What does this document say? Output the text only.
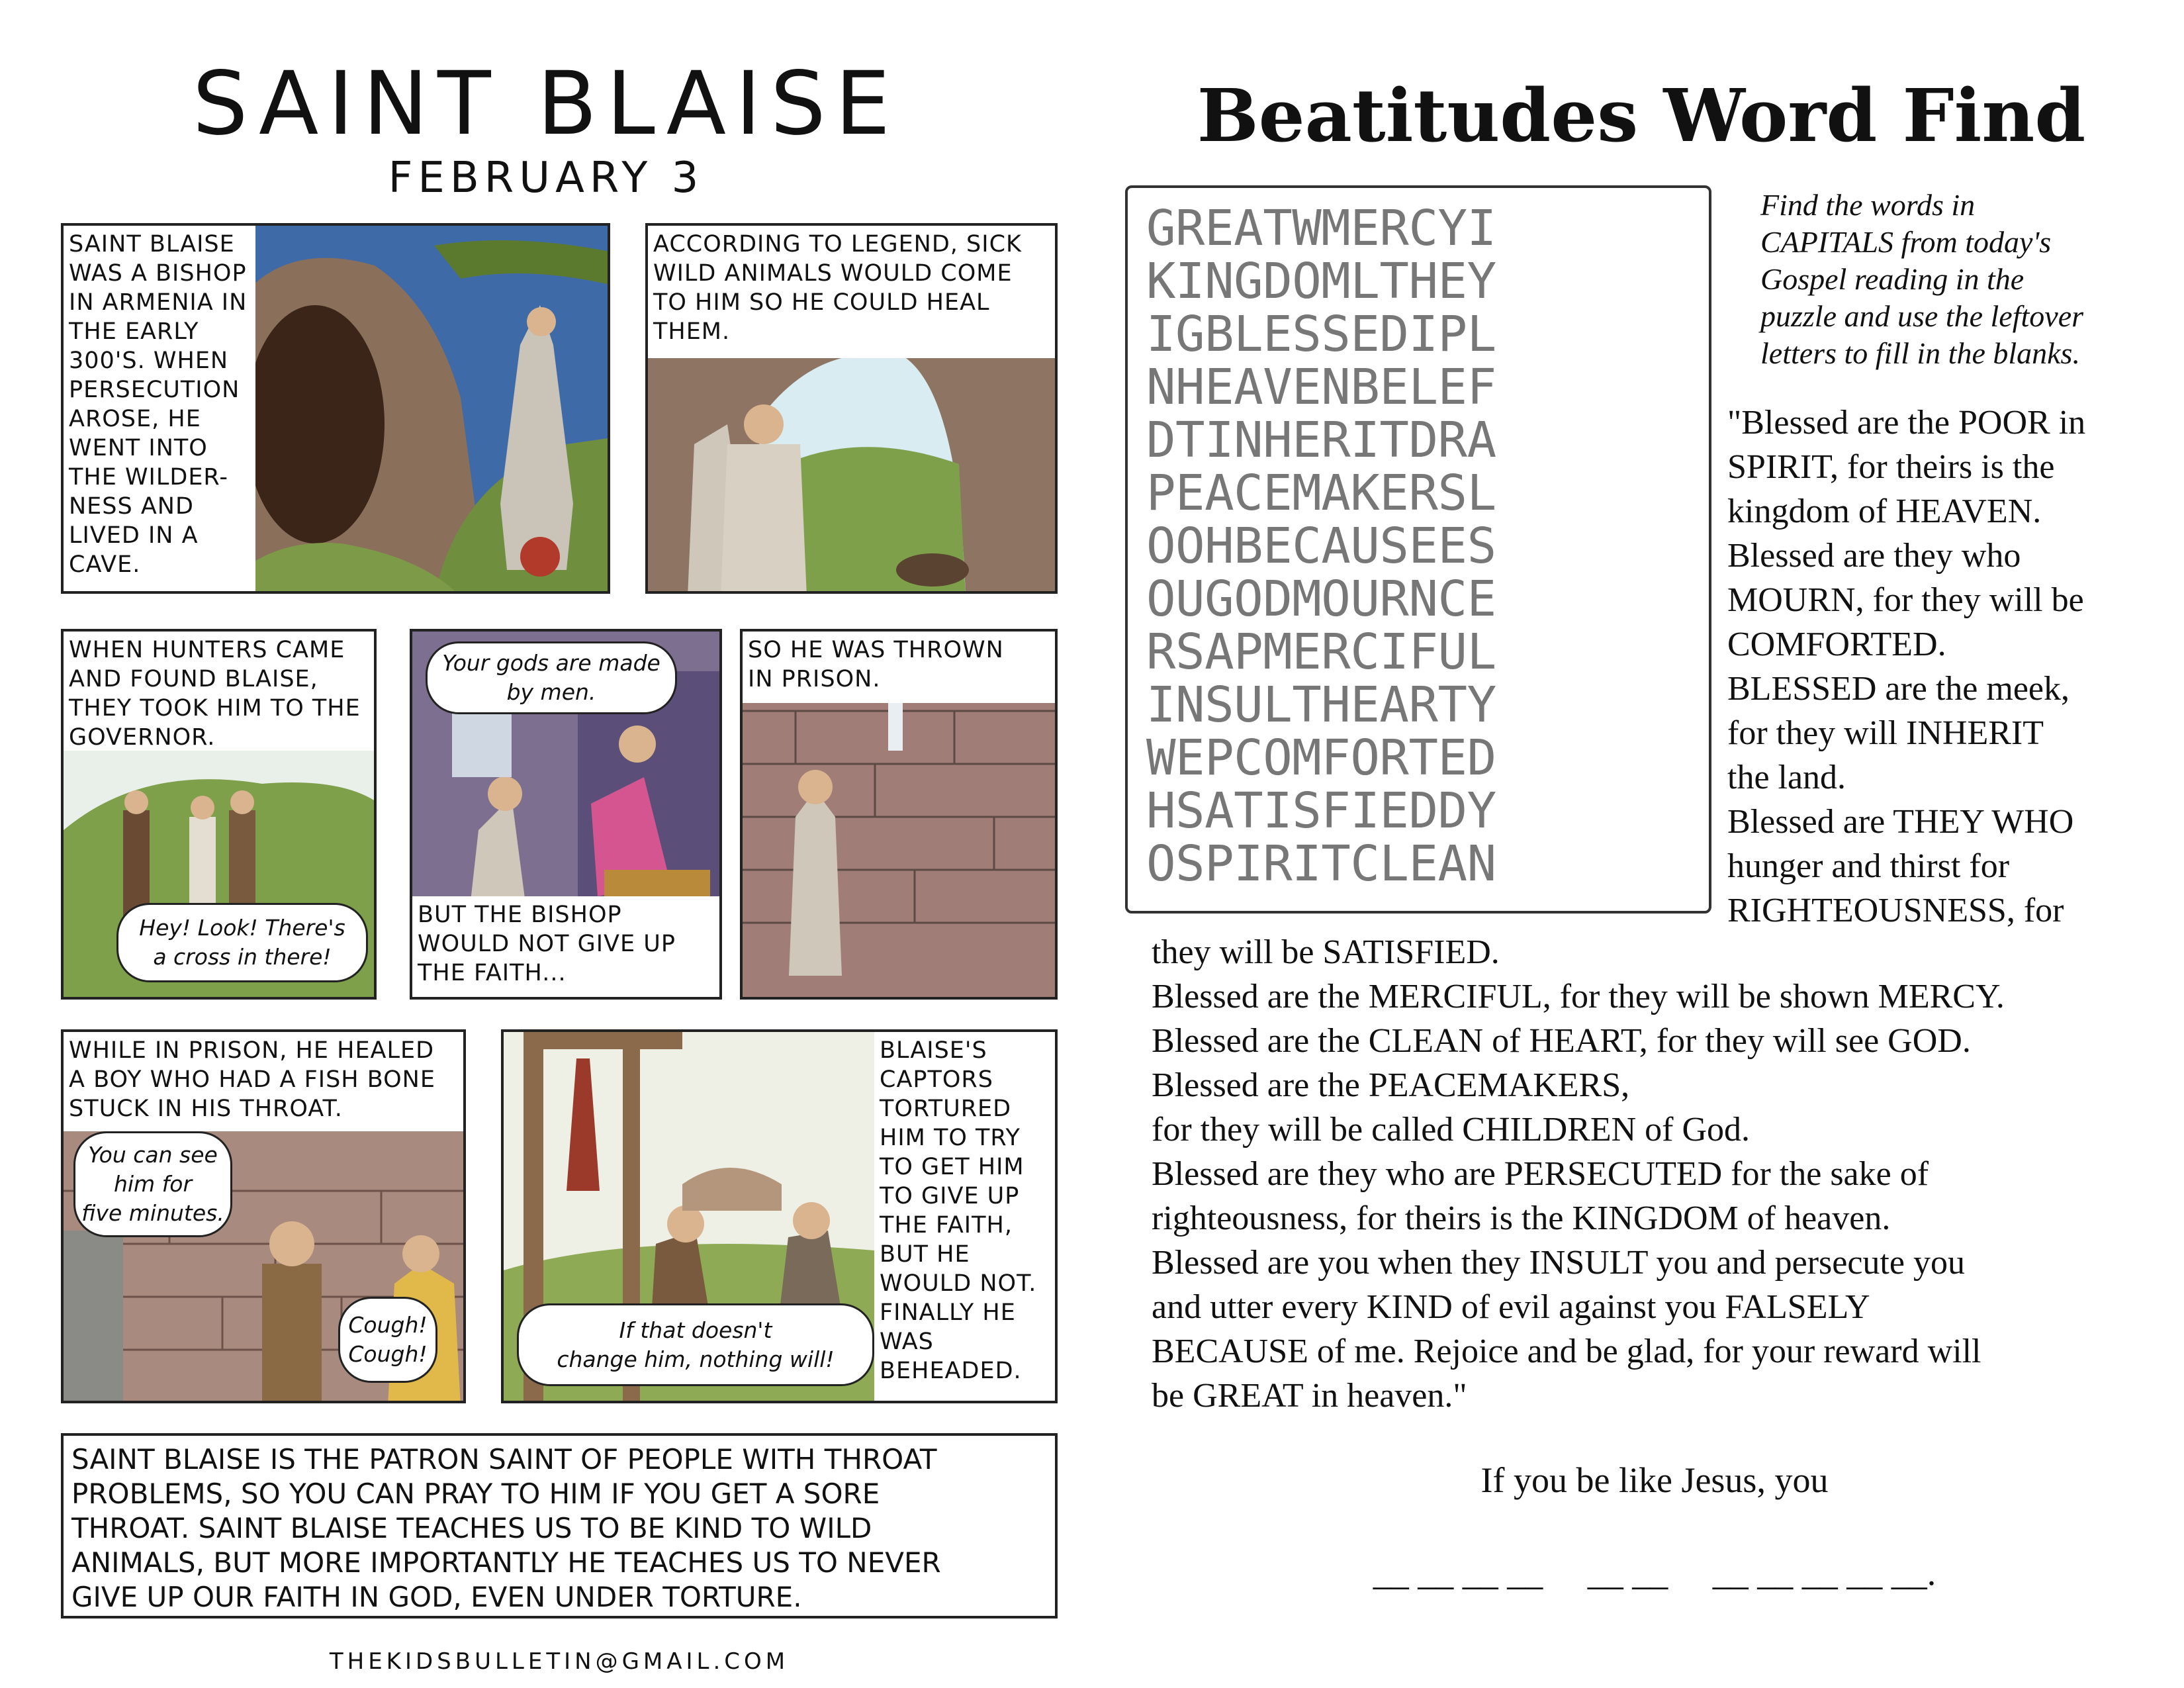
SAINT BLAISE
FEBRUARY 3
SAINT BLAISE
WAS A BISHOP
IN ARMENIA IN
THE EARLY
300'S. WHEN
PERSECUTION
AROSE, HE
WENT INTO
THE WILDER-
NESS AND
LIVED IN A
CAVE.
ACCORDING TO LEGEND, SICK
WILD ANIMALS WOULD COME
TO HIM SO HE COULD HEAL
THEM.
WHEN HUNTERS CAME
AND FOUND BLAISE,
THEY TOOK HIM TO THE
GOVERNOR.
Hey! Look! There's
a cross in there!
Your gods are made
by men.
BUT THE BISHOP
WOULD NOT GIVE UP
THE FAITH...
SO HE WAS THROWN
IN PRISON.
WHILE IN PRISON, HE HEALED
A BOY WHO HAD A FISH BONE
STUCK IN HIS THROAT.
You can see
him for
five minutes.
Cough!
Cough!
If that doesn't
change him, nothing will!
BLAISE'S
CAPTORS
TORTURED
HIM TO TRY
TO GET HIM
TO GIVE UP
THE FAITH,
BUT HE
WOULD NOT.
FINALLY HE
WAS
BEHEADED.
SAINT BLAISE IS THE PATRON SAINT OF PEOPLE WITH THROAT
PROBLEMS, SO YOU CAN PRAY TO HIM IF YOU GET A SORE
THROAT. SAINT BLAISE TEACHES US TO BE KIND TO WILD
ANIMALS, BUT MORE IMPORTANTLY HE TEACHES US TO NEVER
GIVE UP OUR FAITH IN GOD, EVEN UNDER TORTURE.
THEKIDSBULLETIN@GMAIL.COM
Beatitudes Word Find
GREATWMERCYI
KINGDOMLTHEY
IGBLESSEDIPL
NHEAVENBELEF
DTINHERITDRA
PEACEMAKERSL
OOHBECAUSEES
OUGODMOURNCE
RSAPMERCIFUL
INSULTHEARTY
WEPCOMFORTED
HSATISFIEDDY
OSPIRITCLEAN
Find the words in
CAPITALS from today's
Gospel reading in the
puzzle and use the leftover
letters to fill in the blanks.
"Blessed are the POOR in
SPIRIT, for theirs is the
kingdom of HEAVEN.
Blessed are they who
MOURN, for they will be
COMFORTED.
BLESSED are the meek,
for they will INHERIT
the land.
Blessed are THEY WHO
hunger and thirst for
RIGHTEOUSNESS, for
they will be SATISFIED.
Blessed are the MERCIFUL, for they will be shown MERCY.
Blessed are the CLEAN of HEART, for they will see GOD.
Blessed are the PEACEMAKERS,
for they will be called CHILDREN of God.
Blessed are they who are PERSECUTED for the sake of
righteousness, for theirs is the KINGDOM of heaven.
Blessed are you when they INSULT you and persecute you
and utter every KIND of evil against you FALSELY
BECAUSE of me. Rejoice and be glad, for your reward will
be GREAT in heaven."
If you be like Jesus, you
__ __ __ __     __ __     __ __ __ __ __.
